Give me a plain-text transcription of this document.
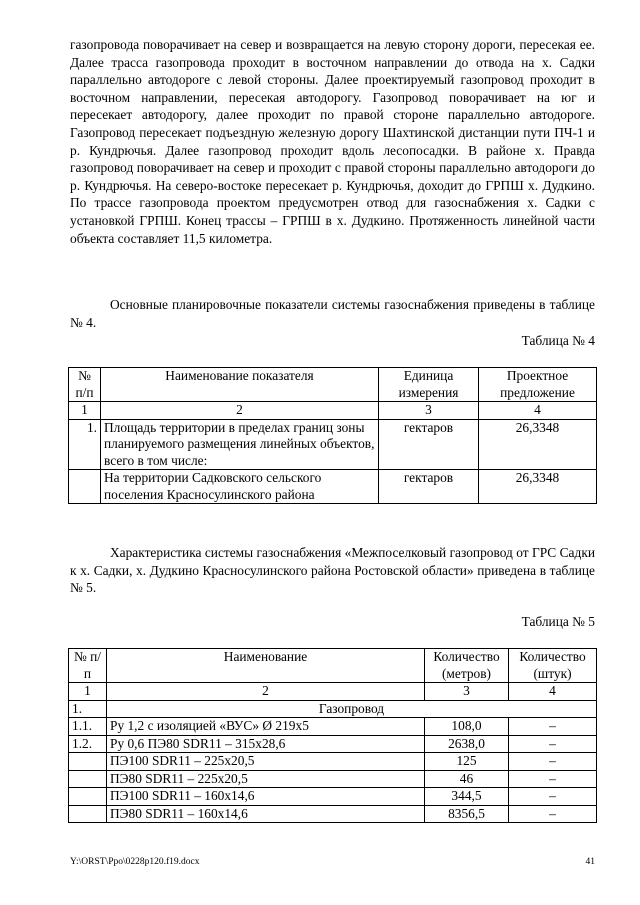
газопровода поворачивает на север и возвращается на левую сторону дороги, пересекая ее. Далее трасса газопровода проходит в восточном направлении до отвода на х. Садки параллельно автодороге с левой стороны. Далее проектируемый газопровод проходит в восточном направлении, пересекая автодорогу. Газопровод поворачивает на юг и пересекает автодорогу, далее проходит по правой стороне параллельно автодороге. Газопровод пересекает подъездную железную дорогу Шахтинской дистанции пути ПЧ-1 и р. Кундрючья. Далее газопровод проходит вдоль лесопосадки. В районе х. Правда газопровод поворачивает на север и проходит с правой стороны параллельно автодороги до р. Кундрючья. На северо-востоке пересекает р. Кундрючья, доходит до ГРПШ х. Дудкино. По трассе газопровода проектом предусмотрен отвод для газоснабжения х. Садки с установкой ГРПШ. Конец трассы – ГРПШ в х. Дудкино. Протяженность линейной части объекта составляет 11,5 километра.

Основные планировочные показатели системы газоснабжения приведены в таблице № 4.

Таблица № 4

№ п/п	Наименование показателя	Единица измерения	Проектное предложение
1	2	3	4
1.	Площадь территории в пределах границ зоны планируемого размещения линейных объектов, всего в том числе:	гектаров	26,3348
	На территории Садковского сельского поселения Красносулинского района	гектаров	26,3348

Характеристика системы газоснабжения «Межпоселковый газопровод от ГРС Садки к х. Садки, х. Дудкино Красносулинского района Ростовской области» приведена в таблице № 5.

Таблица № 5

№ п/п	Наименование	Количество (метров)	Количество (штук)
1	2	3	4
1.	Газопровод		
1.1.	Ру 1,2 с изоляцией «ВУС» Ø 219х5	108,0	–
1.2.	Ру 0,6 ПЭ80 SDR11 – 315х28,6	2638,0	–
	ПЭ100 SDR11 – 225х20,5	125	–
	ПЭ80 SDR11 – 225х20,5	46	–
	ПЭ100 SDR11 – 160х14,6	344,5	–
	ПЭ80 SDR11 – 160х14,6	8356,5	–
Y:\ORST\Ppo\0228p120.f19.docx	41
